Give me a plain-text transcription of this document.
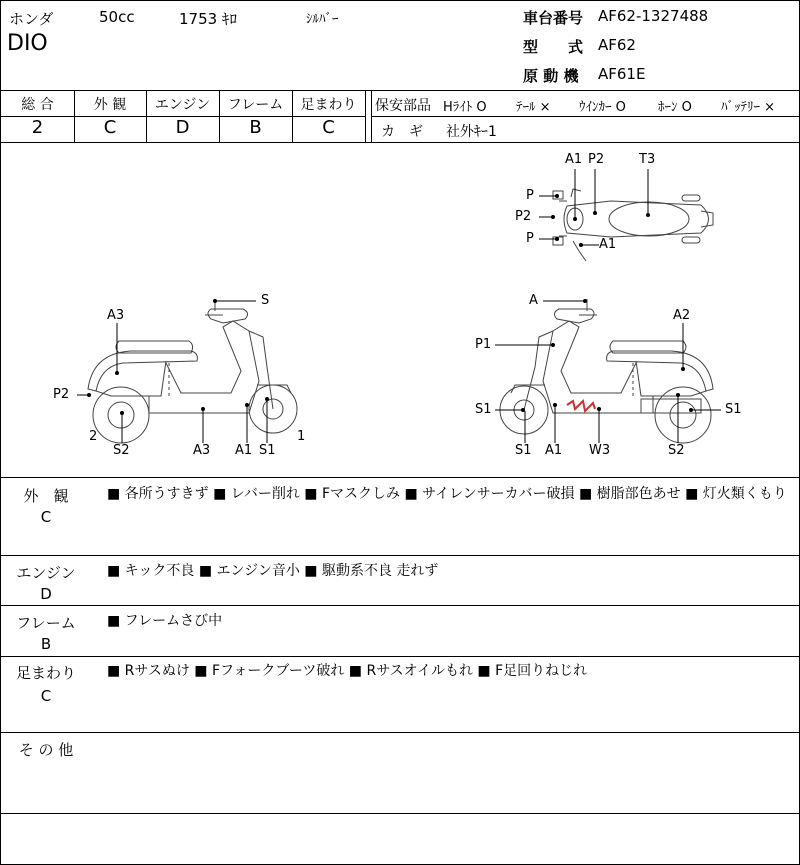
ホンダ	50cc	1753 ｷﾛ	ｼﾙﾊﾞｰ
DIO
車台番号 AF62-1327488
型　　式 AF62
原 動 機 AF61E
総 合	外 観	エンジン	フレーム	足まわり
2	C	D	B	C
保安部品 Hﾗｲﾄ O ﾃｰﾙ × ｳｲﾝｶｰ O ﾎｰﾝ O ﾊﾞｯﾃﾘｰ ×
カ　ギ 社外ｷｰ1
A1 P2	T3
P
P2
P	A1
S
A3
P2
2
S2	A3 A1 S1
1
A
A2
P1
S1
S1
S1
A1 W3	S2
外　観
C
■ 各所うすきず ■ レバー削れ ■ Fマスクしみ ■ サイレンサーカバー破損 ■ 樹脂部色あせ ■ 灯火類くもり
エンジン
D
■ キック不良 ■ エンジン音小 ■ 駆動系不良 走れず
フレーム
B
■ フレームさび中
足まわり
C
■ Rサスぬけ ■ Fフォークブーツ破れ ■ Rサスオイルもれ ■ F足回りねじれ
そ の 他
